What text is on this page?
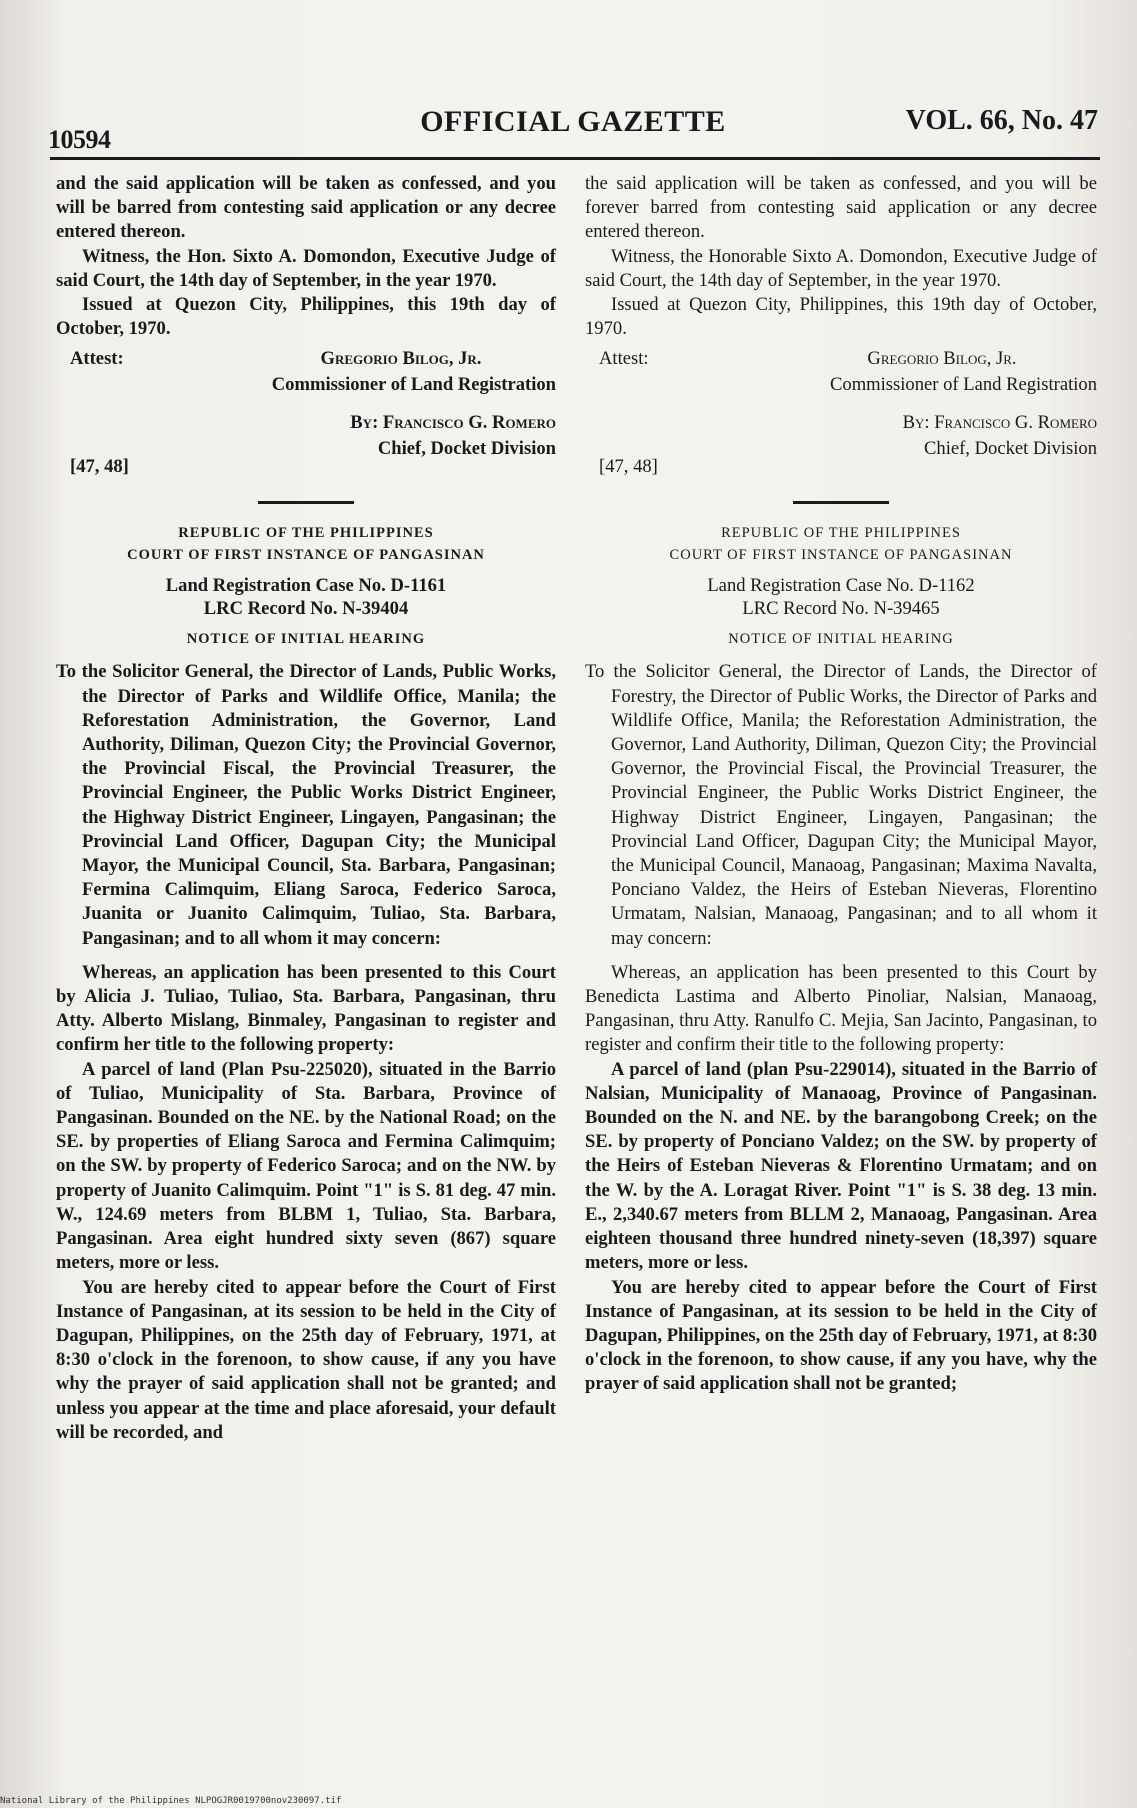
10594
OFFICIAL GAZETTE	VOL. 66, No. 47

and the said application will be taken as confessed, and you will be barred from contesting said application or any decree entered thereon.

Witness, the Hon. Sixto A. Domondon, Executive Judge of said Court, the 14th day of September, in the year 1970.

Issued at Quezon City, Philippines, this 19th day of October, 1970.

Attest:	Gregorio Bilog, Jr.
Commissioner of Land Registration
By: Francisco G. Romero
Chief, Docket Division
[47, 48]

REPUBLIC OF THE PHILIPPINES

COURT OF FIRST INSTANCE OF PANGASINAN

Land Registration Case No. D-1161
LRC Record No. N-39404

NOTICE OF INITIAL HEARING

To the Solicitor General, the Director of Lands, Public Works, the Director of Parks and Wildlife Office, Manila; the Reforestation Administration, the Governor, Land Authority, Diliman, Quezon City; the Provincial Governor, the Provincial Fiscal, the Provincial Treasurer, the Provincial Engineer, the Public Works District Engineer, the Highway District Engineer, Lingayen, Pangasinan; the Provincial Land Officer, Dagupan City; the Municipal Mayor, the Municipal Council, Sta. Barbara, Pangasinan; Fermina Calimquim, Eliang Saroca, Federico Saroca, Juanita or Juanito Calimquim, Tuliao, Sta. Barbara, Pangasinan; and to all whom it may concern:

Whereas, an application has been presented to this Court by Alicia J. Tuliao, Tuliao, Sta. Barbara, Pangasinan, thru Atty. Alberto Mislang, Binmaley, Pangasinan to register and confirm her title to the following property:

A parcel of land (Plan Psu-225020), situated in the Barrio of Tuliao, Municipality of Sta. Barbara, Province of Pangasinan. Bounded on the NE. by the National Road; on the SE. by properties of Eliang Saroca and Fermina Calimquim; on the SW. by property of Federico Saroca; and on the NW. by property of Juanito Calimquim. Point "1" is S. 81 deg. 47 min. W., 124.69 meters from BLBM 1, Tuliao, Sta. Barbara, Pangasinan. Area eight hundred sixty seven (867) square meters, more or less.

You are hereby cited to appear before the Court of First Instance of Pangasinan, at its session to be held in the City of Dagupan, Philippines, on the 25th day of February, 1971, at 8:30 o'clock in the forenoon, to show cause, if any you have why the prayer of said application shall not be granted; and unless you appear at the time and place aforesaid, your default will be recorded, and

the said application will be taken as confessed, and you will be forever barred from contesting said application or any decree entered thereon.

Witness, the Honorable Sixto A. Domondon, Executive Judge of said Court, the 14th day of September, in the year 1970.

Issued at Quezon City, Philippines, this 19th day of October, 1970.

Attest:	Gregorio Bilog, Jr.
Commissioner of Land Registration
By: Francisco G. Romero
Chief, Docket Division
[47, 48]

REPUBLIC OF THE PHILIPPINES

COURT OF FIRST INSTANCE OF PANGASINAN

Land Registration Case No. D-1162
LRC Record No. N-39465

NOTICE OF INITIAL HEARING

To the Solicitor General, the Director of Lands, the Director of Forestry, the Director of Public Works, the Director of Parks and Wildlife Office, Manila; the Reforestation Administration, the Governor, Land Authority, Diliman, Quezon City; the Provincial Governor, the Provincial Fiscal, the Provincial Treasurer, the Provincial Engineer, the Public Works District Engineer, the Highway District Engineer, Lingayen, Pangasinan; the Provincial Land Officer, Dagupan City; the Municipal Mayor, the Municipal Council, Manaoag, Pangasinan; Maxima Navalta, Ponciano Valdez, the Heirs of Esteban Nieveras, Florentino Urmatam, Nalsian, Manaoag, Pangasinan; and to all whom it may concern:

Whereas, an application has been presented to this Court by Benedicta Lastima and Alberto Pinoliar, Nalsian, Manaoag, Pangasinan, thru Atty. Ranulfo C. Mejia, San Jacinto, Pangasinan, to register and confirm their title to the following property:

A parcel of land (plan Psu-229014), situated in the Barrio of Nalsian, Municipality of Manaoag, Province of Pangasinan. Bounded on the N. and NE. by the barangobong Creek; on the SE. by property of Ponciano Valdez; on the SW. by property of the Heirs of Esteban Nieveras & Florentino Urmatam; and on the W. by the A. Loragat River. Point "1" is S. 38 deg. 13 min. E., 2,340.67 meters from BLLM 2, Manaoag, Pangasinan. Area eighteen thousand three hundred ninety-seven (18,397) square meters, more or less.

You are hereby cited to appear before the Court of First Instance of Pangasinan, at its session to be held in the City of Dagupan, Philippines, on the 25th day of February, 1971, at 8:30 o'clock in the forenoon, to show cause, if any you have, why the prayer of said application shall not be granted;

National Library of the Philippines NLPOGJR0019700nov230097.tif
